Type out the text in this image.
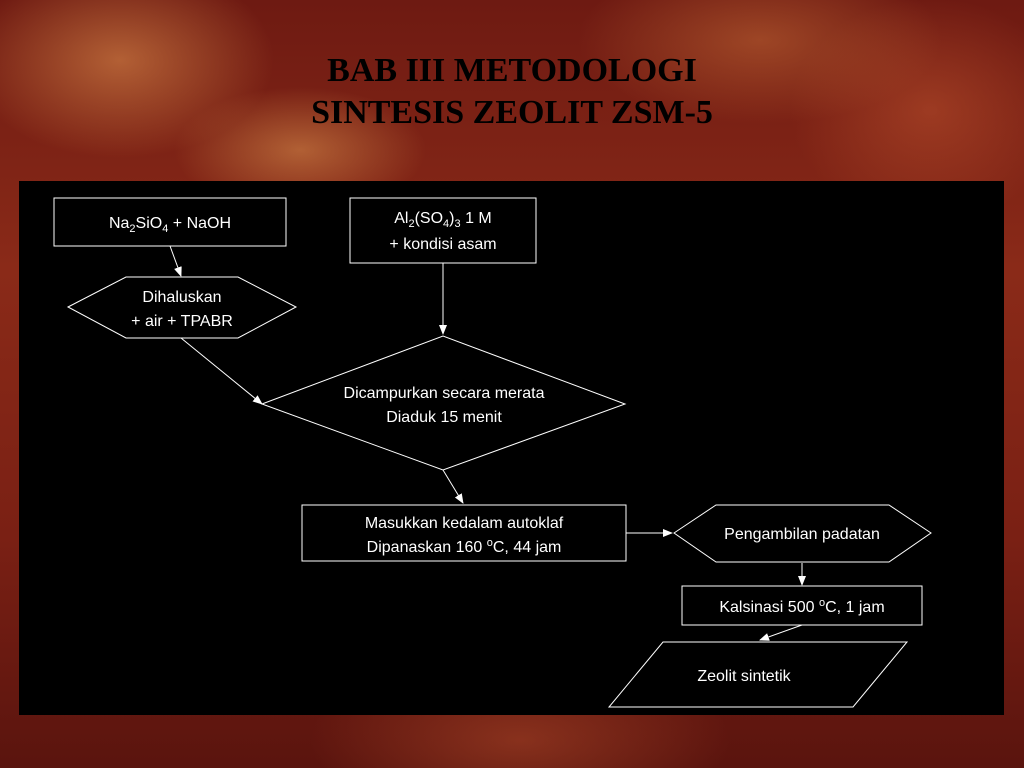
BAB III METODOLOGI
SINTESIS ZEOLIT ZSM-5
$Na_2SiO_4$ + NaOH	$Al_2(SO_4)_3$ 1 M
+ kondisi asam
Dihaluskan
+ air + TPABR
Dicampurkan secara merata
Diaduk 15 menit
Masukkan kedalam autoklaf
Dipanaskan 160 $^o$C, 44 jam
Pengambilan padatan
Kalsinasi 500 $^o$C, 1 jam
Zeolit sintetik
